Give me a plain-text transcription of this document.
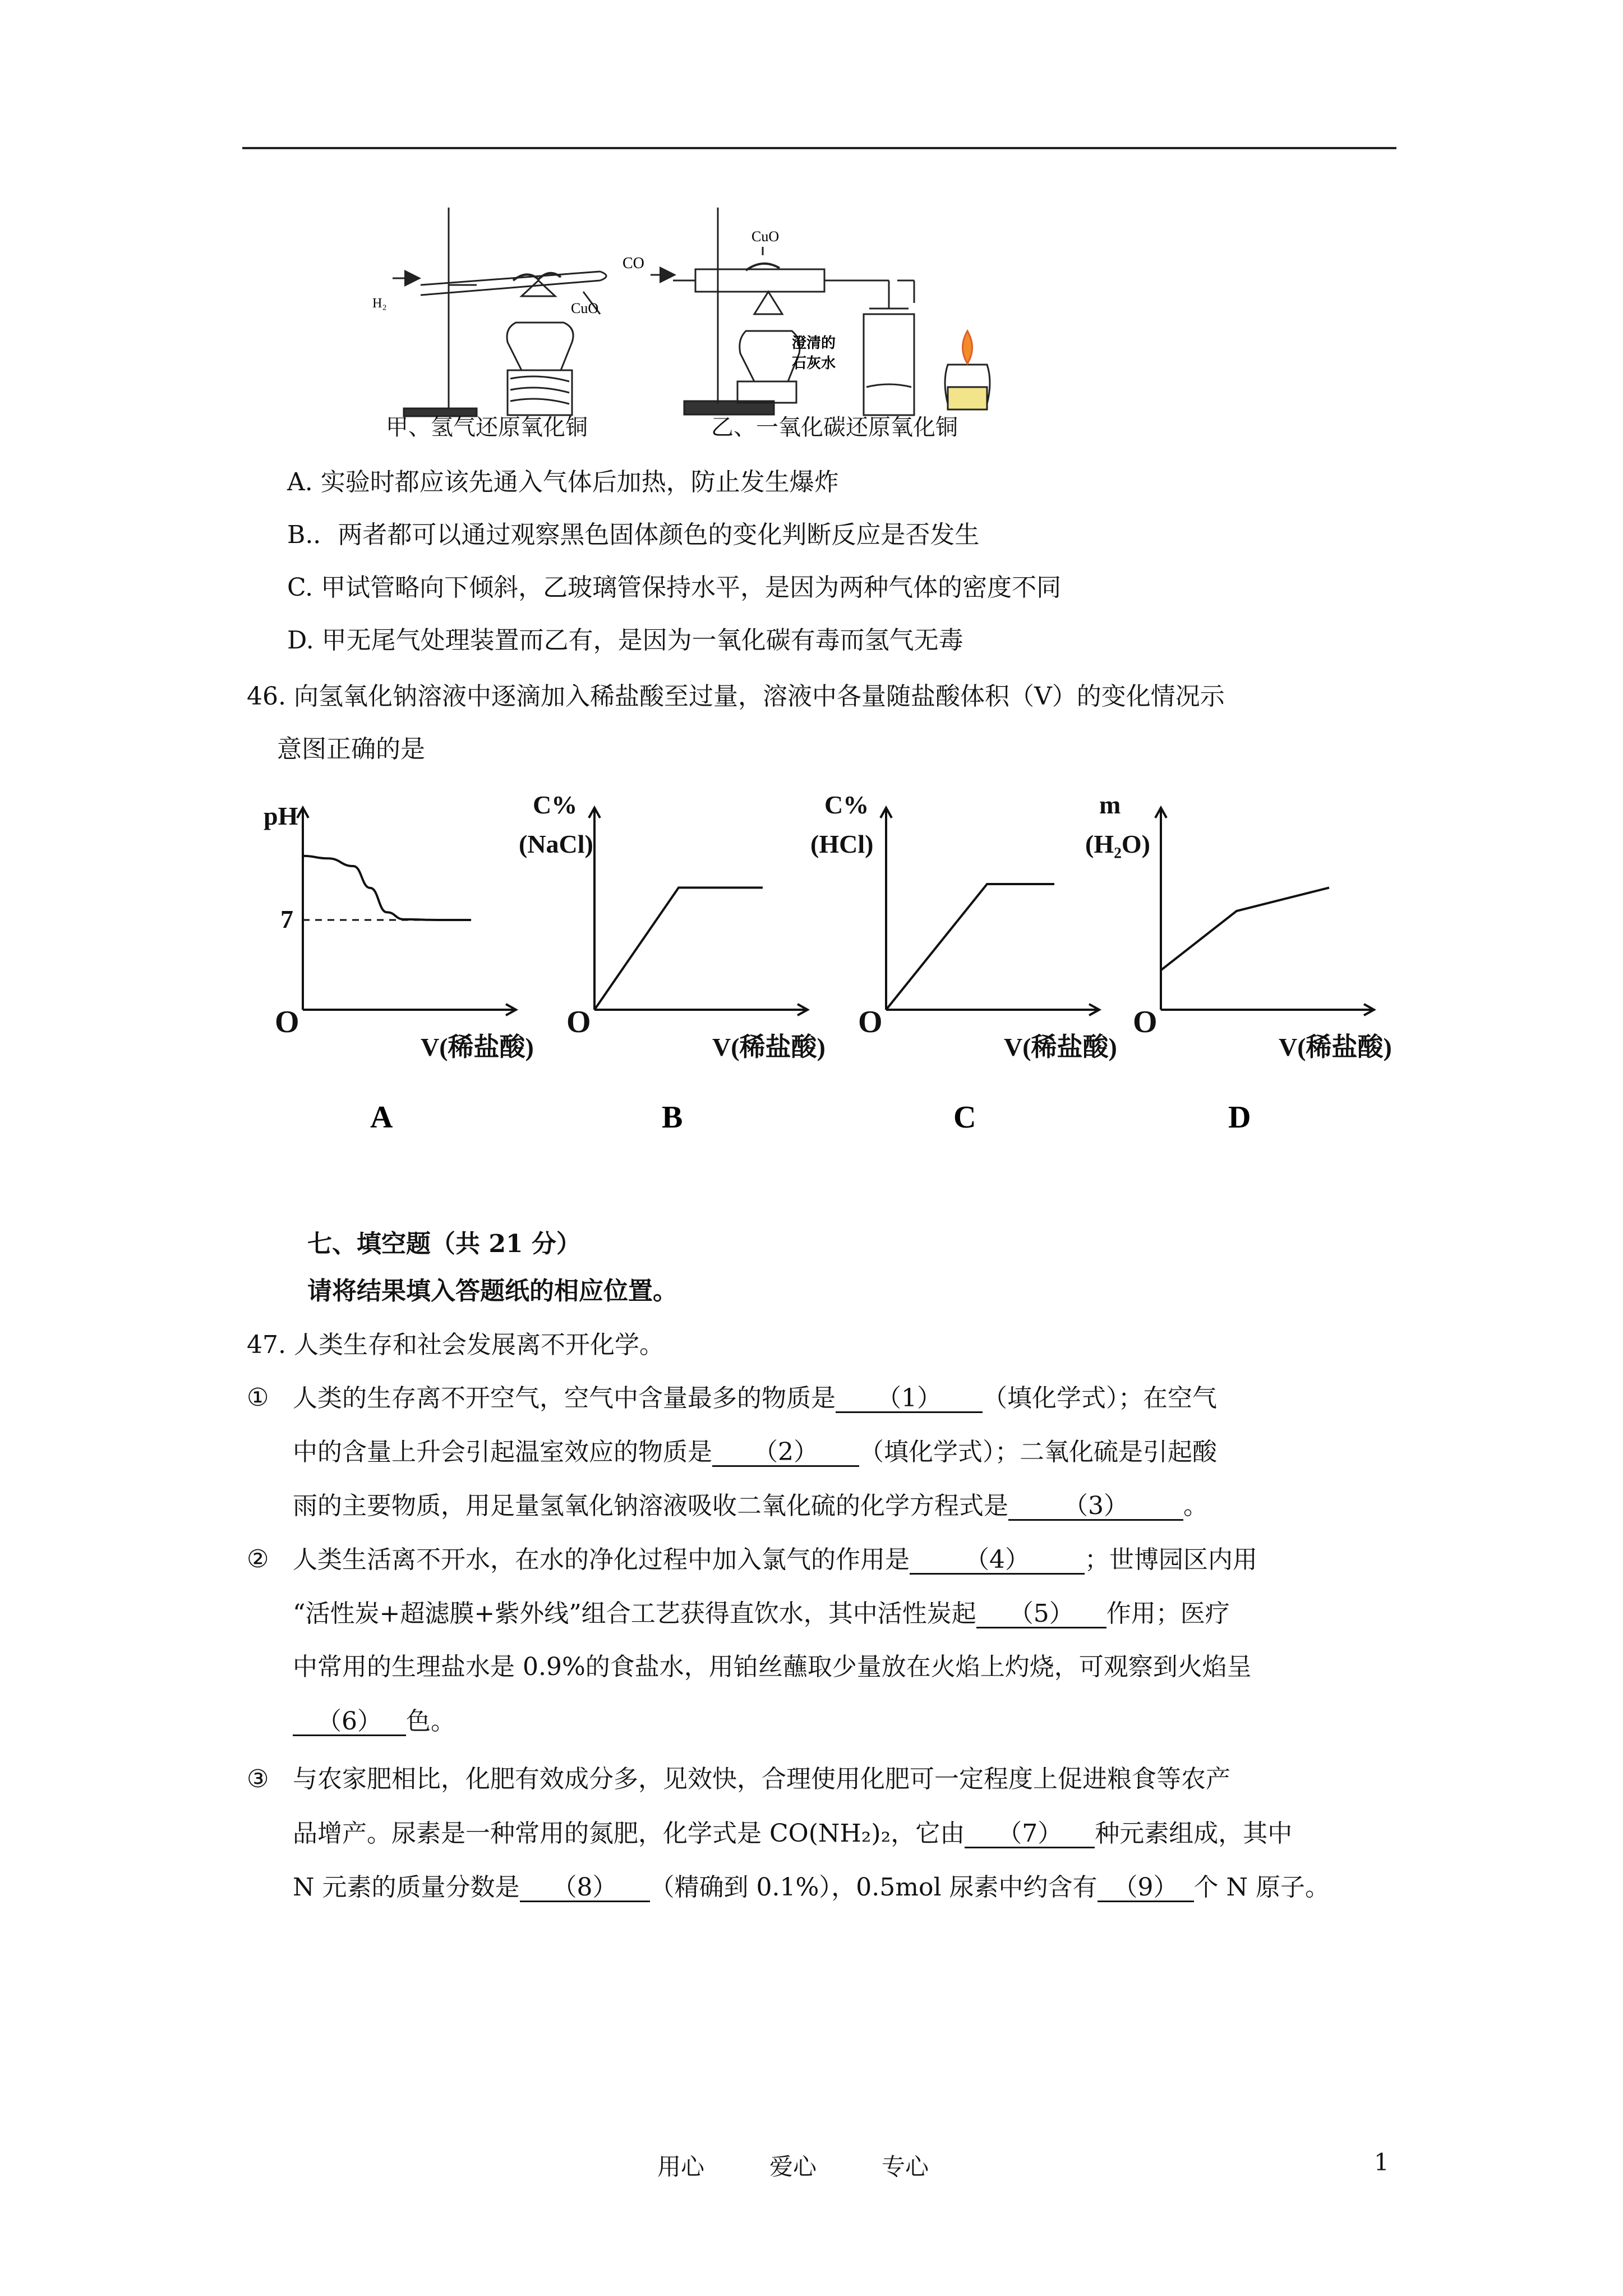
H₂	CuO
CO
CuO
澄清的
石灰水
甲、氢气还原氧化铜	乙、一氧化碳还原氧化铜
A. 实验时都应该先通入气体后加热，防止发生爆炸
B.．两者都可以通过观察黑色固体颜色的变化判断反应是否发生
C. 甲试管略向下倾斜，乙玻璃管保持水平，是因为两种气体的密度不同
D. 甲无尾气处理装置而乙有，是因为一氧化碳有毒而氢气无毒
46. 向氢氧化钠溶液中逐滴加入稀盐酸至过量，溶液中各量随盐酸体积（V）的变化情况示
意图正确的是
7
pH
O
V(稀盐酸)
A
C%
(NaCl)
O
V(稀盐酸)
B
C%
(HCl)
O
V(稀盐酸)
C
m
(H₂O)
O
V(稀盐酸)
D
七、填空题（共 21 分）
请将结果填入答题纸的相应位置。
47. 人类生存和社会发展离不开化学。
① 人类的生存离不开空气，空气中含量最多的物质是 （1） （填化学式）；在空气
中的含量上升会引起温室效应的物质是 （2） （填化学式）；二氧化硫是引起酸
雨的主要物质，用足量氢氧化钠溶液吸收二氧化硫的化学方程式是 （3） 。
② 人类生活离不开水，在水的净化过程中加入氯气的作用是 （4） ；世博园区内用
“活性炭+超滤膜+紫外线”组合工艺获得直饮水，其中活性炭起 （5） 作用；医疗
中常用的生理盐水是 0.9%的食盐水，用铂丝蘸取少量放在火焰上灼烧，可观察到火焰呈
（6） 色。
③ 与农家肥相比，化肥有效成分多，见效快，合理使用化肥可一定程度上促进粮食等农产
品增产。尿素是一种常用的氮肥，化学式是 CO(NH₂)₂，它由 （7） 种元素组成，其中
N 元素的质量分数是 （8） （精确到 0.1%），0.5mol 尿素中约含有 （9） 个 N 原子。
用心	爱心	专心	1
